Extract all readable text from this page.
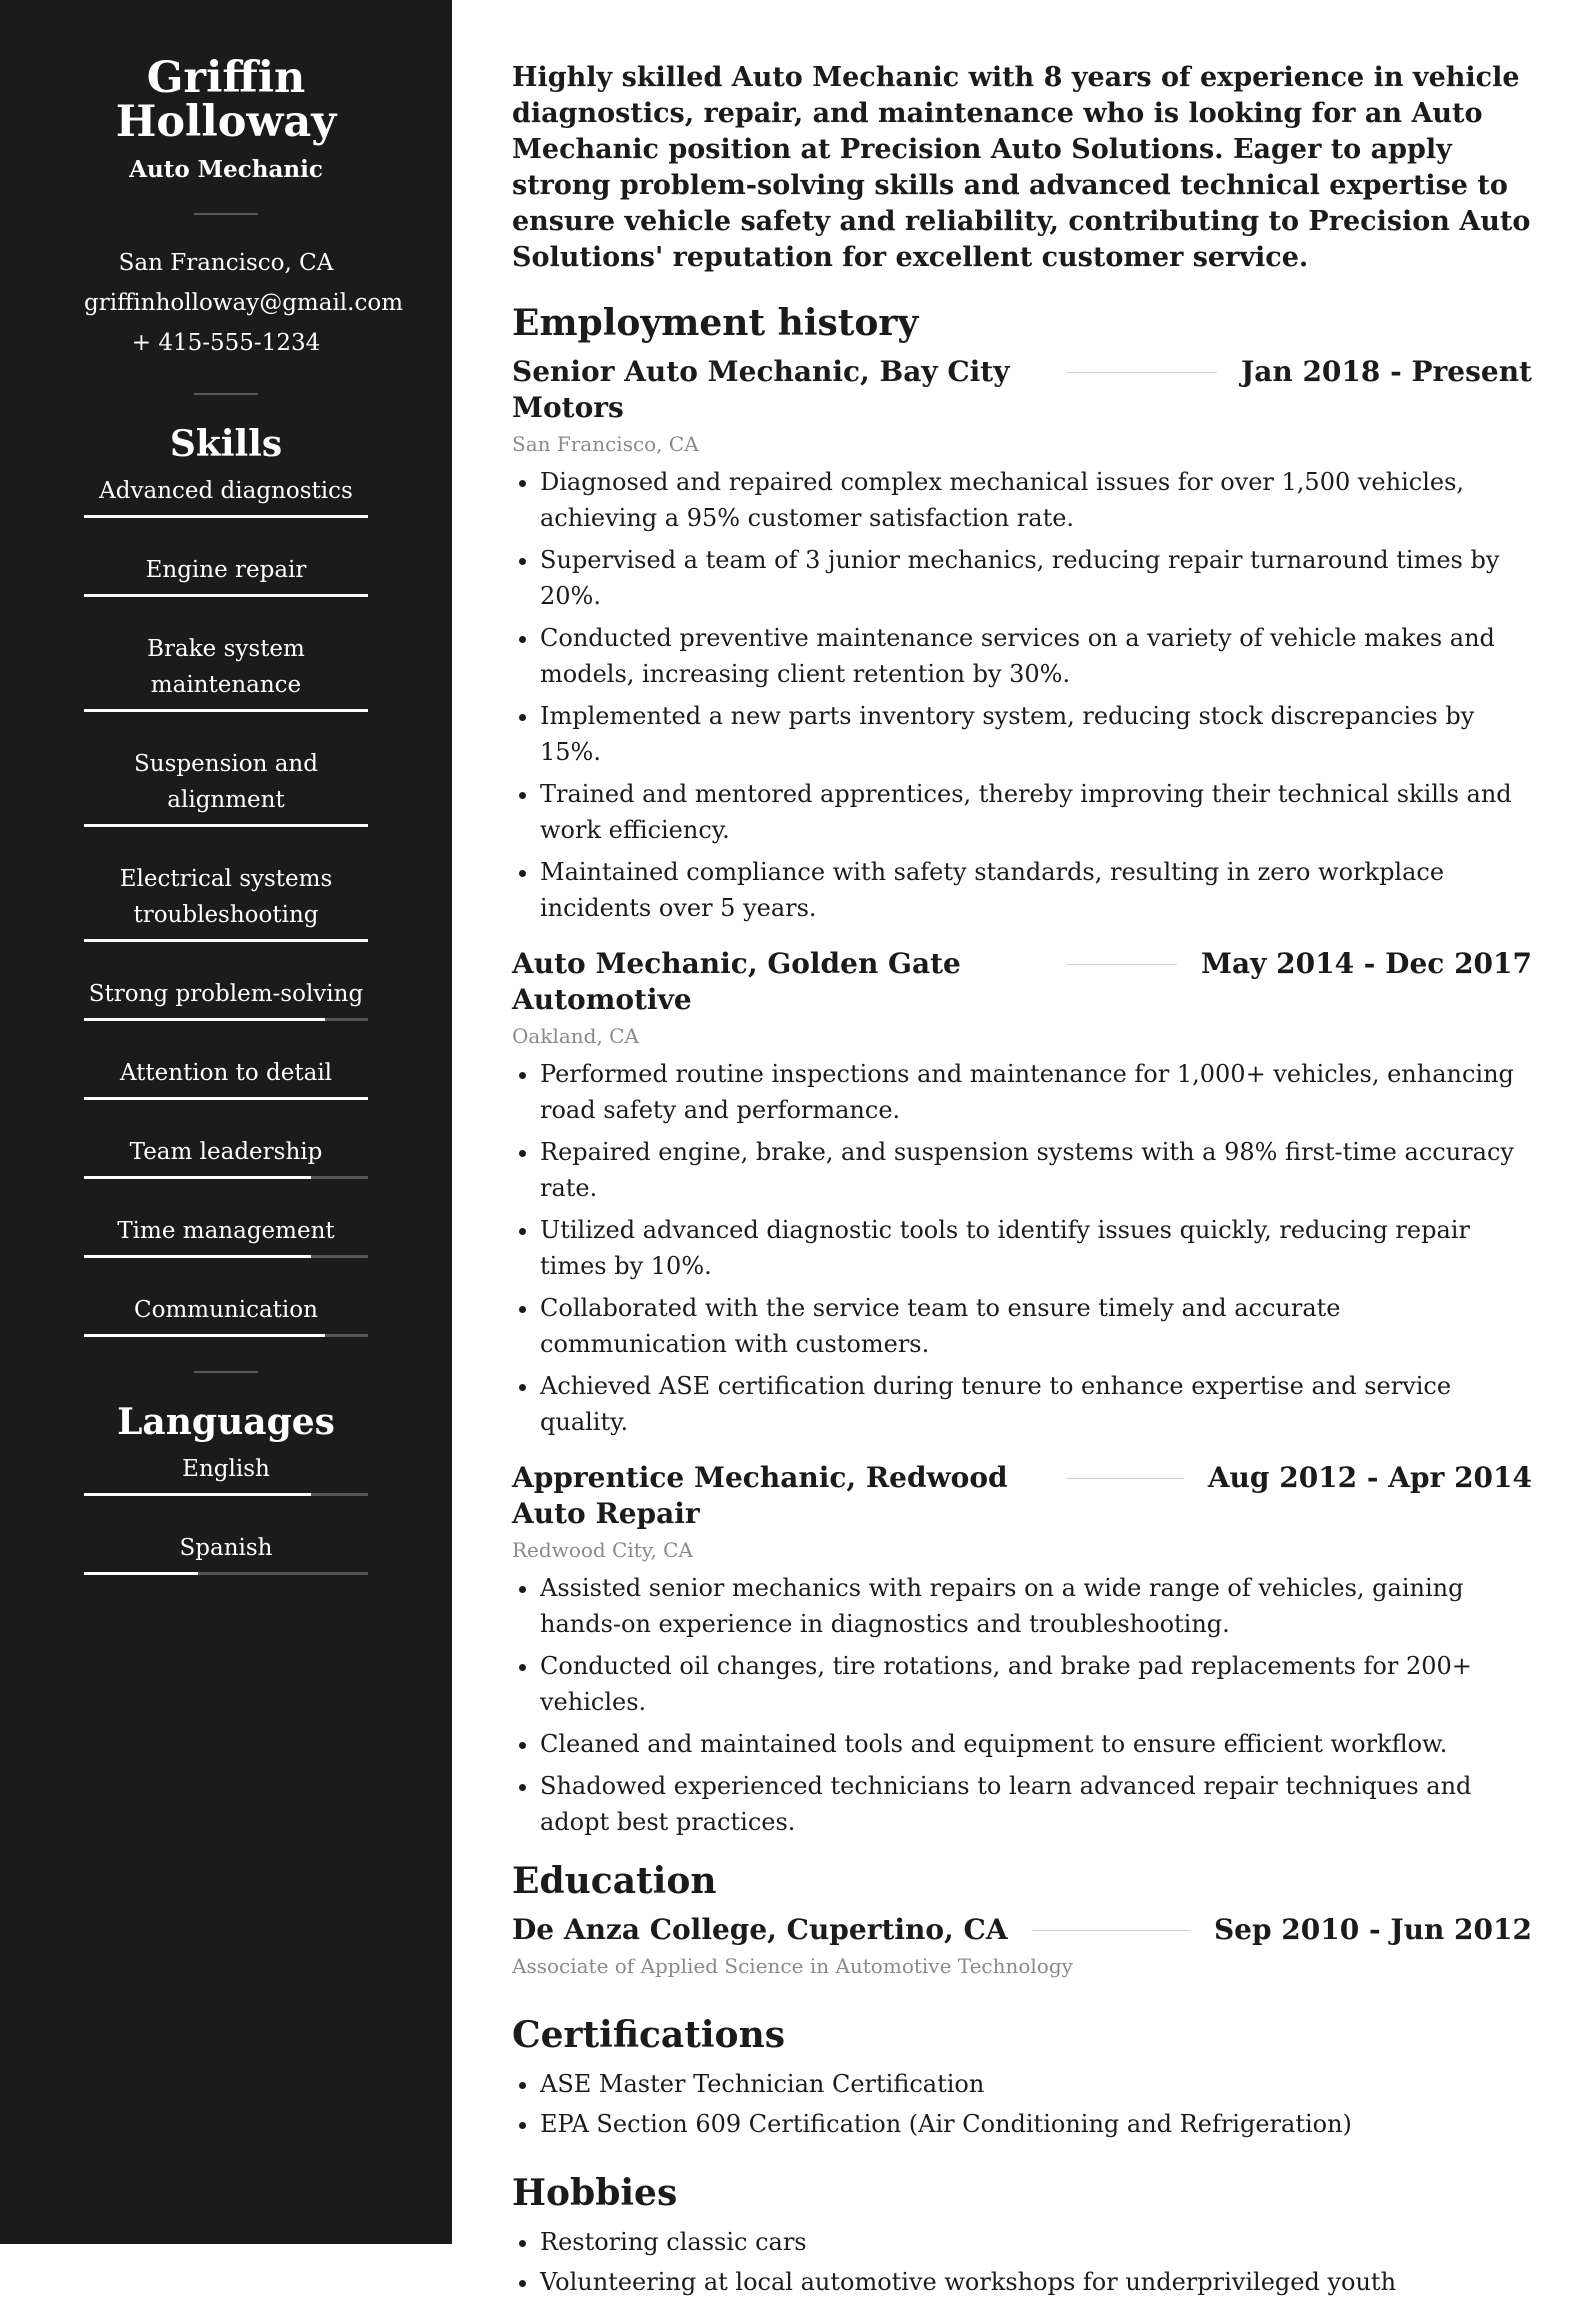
Griffin Holloway
Auto Mechanic
San Francisco, CA
griffinholloway@gmail.com
+ 415-555-1234
Skills
Advanced diagnostics
Engine repair
Brake system maintenance
Suspension and alignment
Electrical systems troubleshooting
Strong problem-solving
Attention to detail
Team leadership
Time management
Communication
Languages
English
Spanish

Highly skilled Auto Mechanic with 8 years of experience in vehicle diagnostics, repair, and maintenance who is looking for an Auto Mechanic position at Precision Auto Solutions. Eager to apply strong problem-solving skills and advanced technical expertise to ensure vehicle safety and reliability, contributing to Precision Auto Solutions' reputation for excellent customer service.

Employment history
Senior Auto Mechanic, Bay City Motors
Jan 2018 - Present
San Francisco, CA
• Diagnosed and repaired complex mechanical issues for over 1,500 vehicles, achieving a 95% customer satisfaction rate.
• Supervised a team of 3 junior mechanics, reducing repair turnaround times by 20%.
• Conducted preventive maintenance services on a variety of vehicle makes and models, increasing client retention by 30%.
• Implemented a new parts inventory system, reducing stock discrepancies by 15%.
• Trained and mentored apprentices, thereby improving their technical skills and work efficiency.
• Maintained compliance with safety standards, resulting in zero workplace incidents over 5 years.
Auto Mechanic, Golden Gate Automotive
May 2014 - Dec 2017
Oakland, CA
• Performed routine inspections and maintenance for 1,000+ vehicles, enhancing road safety and performance.
• Repaired engine, brake, and suspension systems with a 98% first-time accuracy rate.
• Utilized advanced diagnostic tools to identify issues quickly, reducing repair times by 10%.
• Collaborated with the service team to ensure timely and accurate communication with customers.
• Achieved ASE certification during tenure to enhance expertise and service quality.
Apprentice Mechanic, Redwood Auto Repair
Aug 2012 - Apr 2014
Redwood City, CA
• Assisted senior mechanics with repairs on a wide range of vehicles, gaining hands-on experience in diagnostics and troubleshooting.
• Conducted oil changes, tire rotations, and brake pad replacements for 200+ vehicles.
• Cleaned and maintained tools and equipment to ensure efficient workflow.
• Shadowed experienced technicians to learn advanced repair techniques and adopt best practices.
Education
De Anza College, Cupertino, CA	Sep 2010 - Jun 2012
Associate of Applied Science in Automotive Technology
Certifications
• ASE Master Technician Certification
• EPA Section 609 Certification (Air Conditioning and Refrigeration)
Hobbies
• Restoring classic cars
• Volunteering at local automotive workshops for underprivileged youth
